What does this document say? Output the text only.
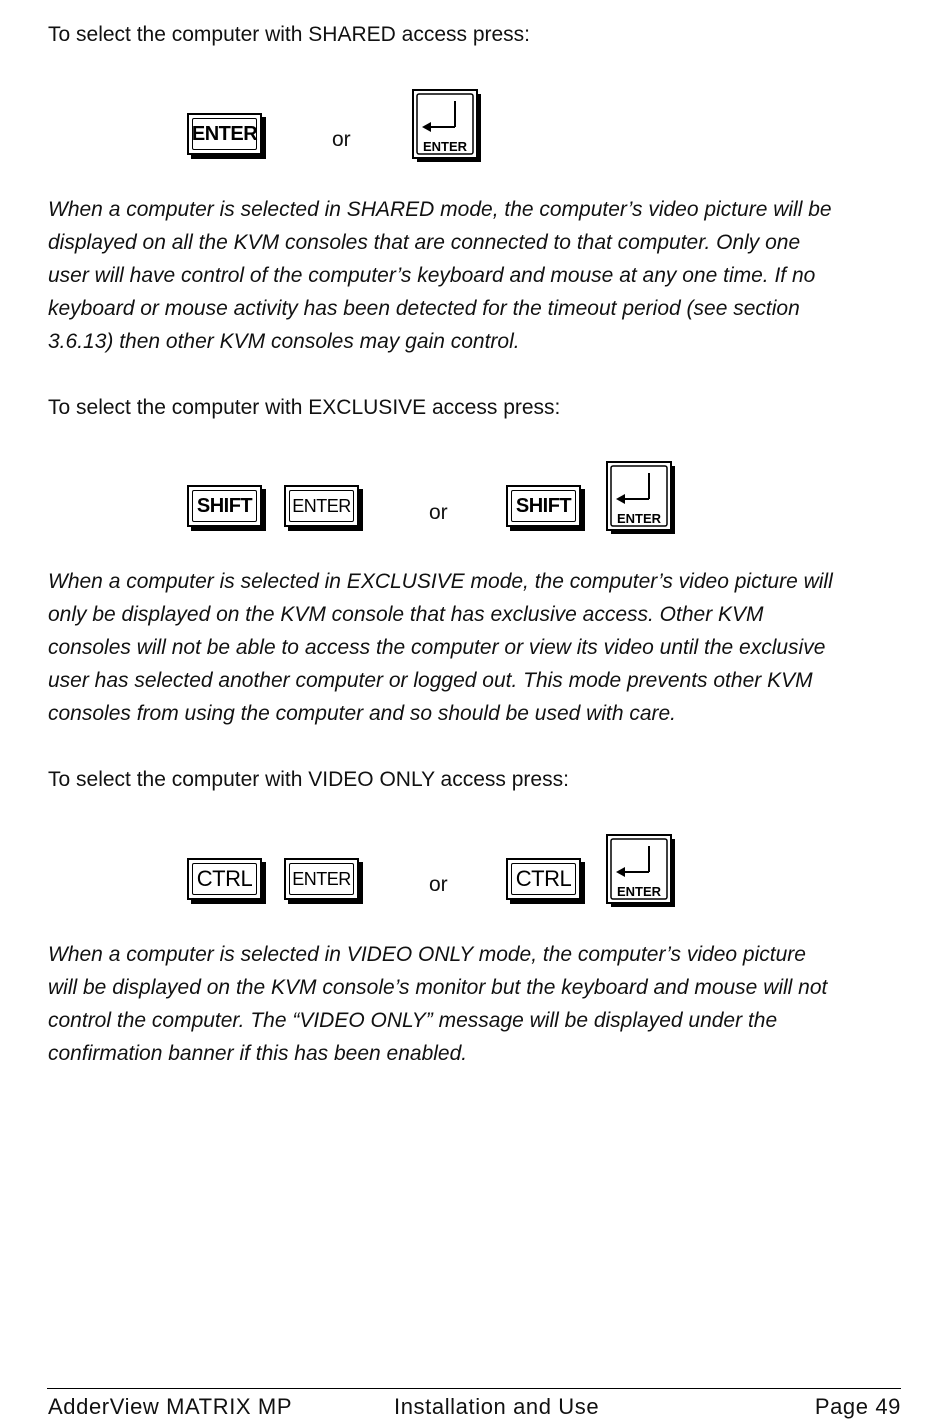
To select the computer with SHARED access press:
ENTER	or	ENTER
When a computer is selected in SHARED mode, the computer’s video picture will be
displayed on all the KVM consoles that are connected to that computer. Only one
user will have control of the computer’s keyboard and mouse at any one time. If no
keyboard or mouse activity has been detected for the timeout period (see section
3.6.13) then other KVM consoles may gain control.
To select the computer with EXCLUSIVE access press:
SHIFT ENTER	or	SHIFT
ENTER
When a computer is selected in EXCLUSIVE mode, the computer’s video picture will
only be displayed on the KVM console that has exclusive access. Other KVM
consoles will not be able to access the computer or view its video until the exclusive
user has selected another computer or logged out. This mode prevents other KVM
consoles from using the computer and so should be used with care.
To select the computer with VIDEO ONLY access press:
CTRL ENTER	or	CTRL
ENTER
When a computer is selected in VIDEO ONLY mode, the computer’s video picture
will be displayed on the KVM console’s monitor but the keyboard and mouse will not
control the computer. The “VIDEO ONLY” message will be displayed under the
confirmation banner if this has been enabled.
AdderView MATRIX MP	Installation and Use	Page 49
